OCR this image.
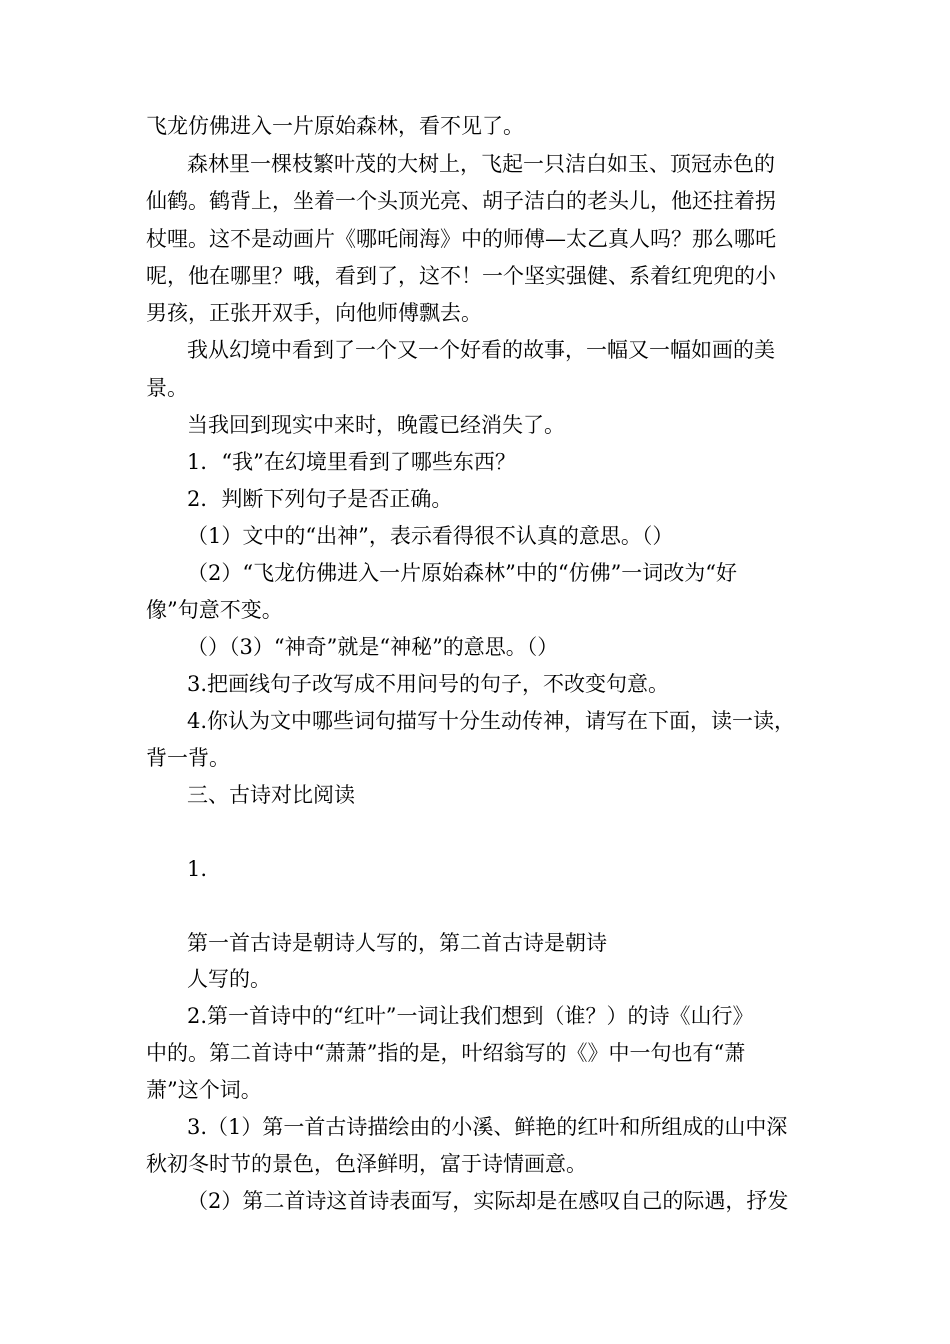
飞龙仿佛进入一片原始森林，看不见了。
森林里一棵枝繁叶茂的大树上，飞起一只洁白如玉、顶冠赤色的
仙鹤。鹤背上，坐着一个头顶光亮、胡子洁白的老头儿，他还拄着拐
杖哩。这不是动画片《哪吒闹海》中的师傅—太乙真人吗？那么哪吒
呢，他在哪里？哦，看到了，这不！一个坚实强健、系着红兜兜的小
男孩，正张开双手，向他师傅飘去。
我从幻境中看到了一个又一个好看的故事，一幅又一幅如画的美
景。
当我回到现实中来时，晚霞已经消失了。
1．“我”在幻境里看到了哪些东西？
2．判断下列句子是否正确。
（1）文中的“出神”，表示看得很不认真的意思。（）
（2）“飞龙仿佛进入一片原始森林”中的“仿佛”一词改为“好
像”句意不变。
（）（3）“神奇”就是“神秘”的意思。（）
3.把画线句子改写成不用问号的句子，不改变句意。
4.你认为文中哪些词句描写十分生动传神，请写在下面，读一读，
背一背。
三、古诗对比阅读
1.
第一首古诗是朝诗人写的，第二首古诗是朝诗
人写的。
2.第一首诗中的“红叶”一词让我们想到（谁？）的诗《山行》
中的。第二首诗中“萧萧”指的是，叶绍翁写的《》中一句也有“萧
萧”这个词。
3.（1）第一首古诗描绘由的小溪、鲜艳的红叶和所组成的山中深
秋初冬时节的景色，色泽鲜明，富于诗情画意。
（2）第二首诗这首诗表面写，实际却是在感叹自己的际遇，抒发
